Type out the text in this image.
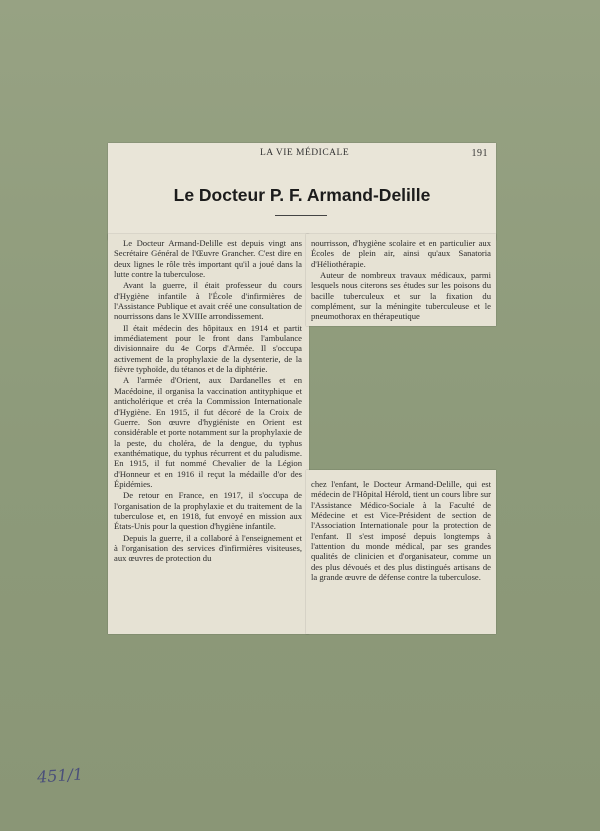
LA VIE MÉDICALE	191
Le Docteur P. F. Armand-Delille

Le Docteur Armand-Delille est depuis vingt ans Secrétaire Général de l'Œuvre Grancher. C'est dire en deux lignes le rôle très important qu'il a joué dans la lutte contre la tuberculose.

Avant la guerre, il était professeur du cours d'Hygiène infantile à l'École d'infirmières de l'Assistance Publique et avait créé une consultation de nourrissons dans le XVIIIe arrondissement.

Il était médecin des hôpitaux en 1914 et partit immédiatement pour le front dans l'ambulance divisionnaire du 4e Corps d'Armée. Il s'occupa activement de la prophylaxie de la dysenterie, de la fièvre typhoïde, du tétanos et de la diphtérie.

A l'armée d'Orient, aux Dardanelles et en Macédoine, il organisa la vaccination antityphique et anticholérique et créa la Commission Internationale d'Hygiène. En 1915, il fut décoré de la Croix de Guerre. Son œuvre d'hygiéniste en Orient est considérable et porte notamment sur la prophylaxie de la peste, du choléra, de la dengue, du typhus exanthématique, du typhus récurrent et du paludisme. En 1915, il fut nommé Chevalier de la Légion d'Honneur et en 1916 il reçut la médaille d'or des Épidémies.

De retour en France, en 1917, il s'occupa de l'organisation de la prophylaxie et du traitement de la tuberculose et, en 1918, fut envoyé en mission aux États-Unis pour la question d'hygiène infantile.

Depuis la guerre, il a collaboré à l'enseignement et à l'organisation des services d'infirmières visiteuses, aux œuvres de protection du

nourrisson, d'hygiène scolaire et en particulier aux Écoles de plein air, ainsi qu'aux Sanatoria d'Héliothérapie.

Auteur de nombreux travaux médicaux, parmi lesquels nous citerons ses études sur les poisons du bacille tuberculeux et sur la fixation du complément, sur la méningite tuberculeuse et le pneumothorax en thérapeutique

chez l'enfant, le Docteur Armand-Delille, qui est médecin de l'Hôpital Hérold, tient un cours libre sur l'Assistance Médico-Sociale à la Faculté de Médecine et est Vice-Président de section de l'Association Internationale pour la protection de l'enfant. Il s'est imposé depuis longtemps à l'attention du monde médical, par ses grandes qualités de clinicien et d'organisateur, comme un des plus dévoués et des plus distingués artisans de la grande œuvre de défense contre la tuberculose.

451/1
